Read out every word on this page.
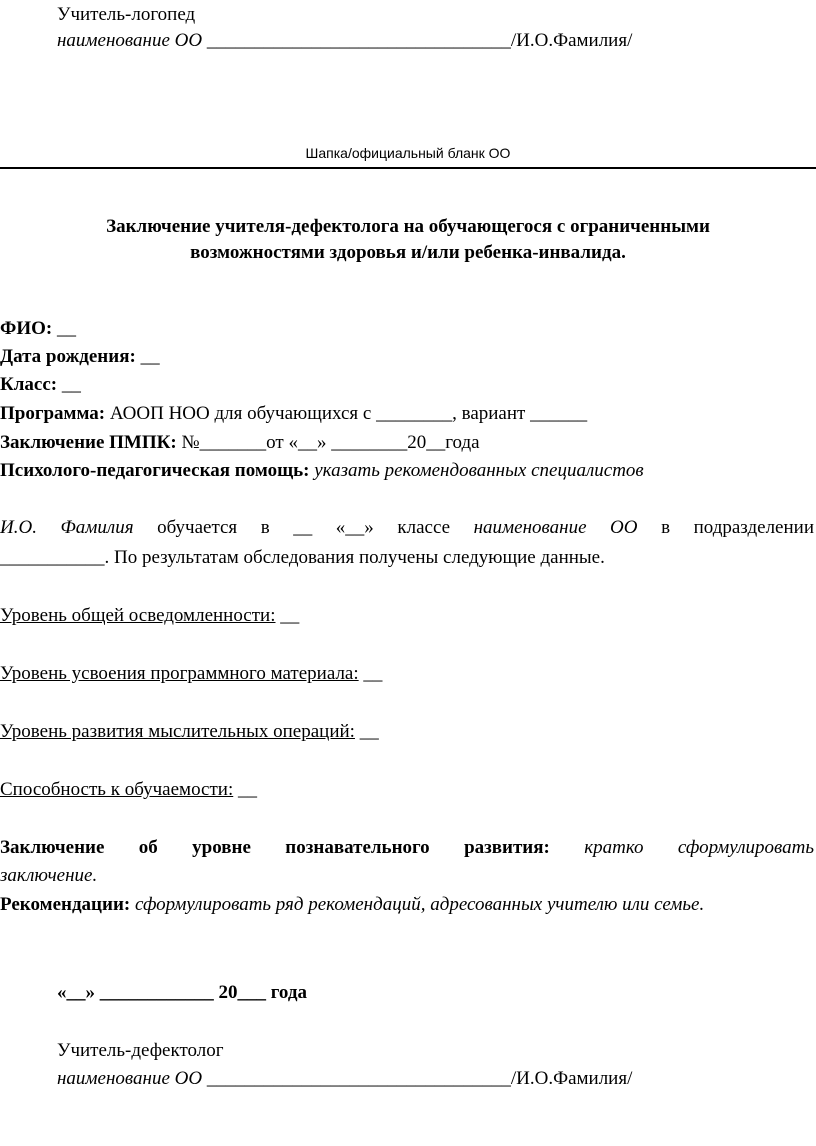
Учитель-логопед
наименование ОО ________________________________/И.О.Фамилия/
Шапка/официальный бланк ОО
Заключение учителя-дефектолога на обучающегося с ограниченными
возможностями здоровья и/или ребенка-инвалида.
ФИО: __
Дата рождения: __
Класс: __
Программа: АООП НОО для обучающихся с ________, вариант ______
Заключение ПМПК: №_______от «__» ________20__года
Психолого-педагогическая помощь: указать рекомендованных специалистов
И.О. Фамилия обучается в __ «__» классе наименование ОО в подразделении
___________. По результатам обследования получены следующие данные.
Уровень общей осведомленности: __
Уровень усвоения программного материала: __
Уровень развития мыслительных операций: __
Способность к обучаемости: __
Заключение об уровне познавательного развития: кратко сформулировать
заключение.
Рекомендации: сформулировать ряд рекомендаций, адресованных учителю или семье.
«__» ____________ 20___ года
Учитель-дефектолог
наименование ОО ________________________________/И.О.Фамилия/
